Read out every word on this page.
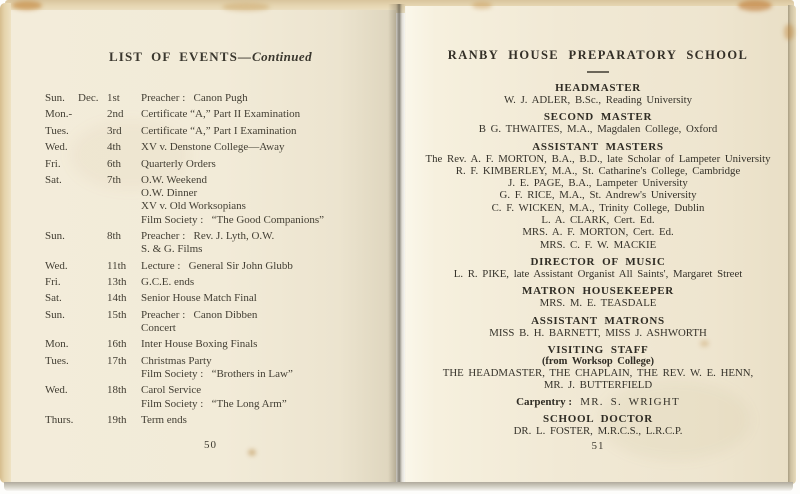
LIST OF EVENTS—Continued
Sun.	Dec. 1st	Preacher :   Canon Pugh
Mon.-	2nd	Certificate “A,” Part II Examination
Tues.	3rd	Certificate “A,” Part I Examination
Wed.	4th	XV v. Denstone College—Away
Fri.	6th	Quarterly Orders
Sat.	7th	O.W. Weekend
O.W. Dinner
XV v. Old Worksopians
Film Society :   “The Good Companions”
Sun.	8th	Preacher :   Rev. J. Lyth, O.W.
S. & G. Films
Wed.	11th	Lecture :   General Sir John Glubb
Fri.	13th	G.C.E. ends
Sat.	14th	Senior House Match Final
Sun.	15th	Preacher :   Canon Dibben
Concert
Mon.	16th	Inter House Boxing Finals
Tues.	17th	Christmas Party
Film Society :   “Brothers in Law”
Wed.	18th	Carol Service
Film Society :   “The Long Arm”
Thurs.	19th	Term ends
50
RANBY HOUSE PREPARATORY SCHOOL
HEADMASTER
W. J. ADLER, B.Sc., Reading University
SECOND MASTER
B G. THWAITES, M.A., Magdalen College, Oxford
ASSISTANT MASTERS
The Rev. A. F. MORTON, B.A., B.D., late Scholar of Lampeter University
R. F. KIMBERLEY, M.A., St. Catharine's College, Cambridge
J. E. PAGE, B.A., Lampeter University
G. F. RICE, M.A., St. Andrew's University
C. F. WICKEN, M.A., Trinity College, Dublin
L. A. CLARK, Cert. Ed.
MRS. A. F. MORTON, Cert. Ed.
MRS. C. F. W. MACKIE
DIRECTOR OF MUSIC
L. R. PIKE, late Assistant Organist All Saints', Margaret Street
MATRON HOUSEKEEPER
MRS. M. E. TEASDALE
ASSISTANT MATRONS
MISS B. H. BARNETT, MISS J. ASHWORTH
VISITING STAFF
(from Worksop College)
THE HEADMASTER, THE CHAPLAIN, THE REV. W. E. HENN,
MR. J. BUTTERFIELD
Carpentry : MR. S. WRIGHT
SCHOOL DOCTOR
DR. L. FOSTER, M.R.C.S., L.R.C.P.
51
